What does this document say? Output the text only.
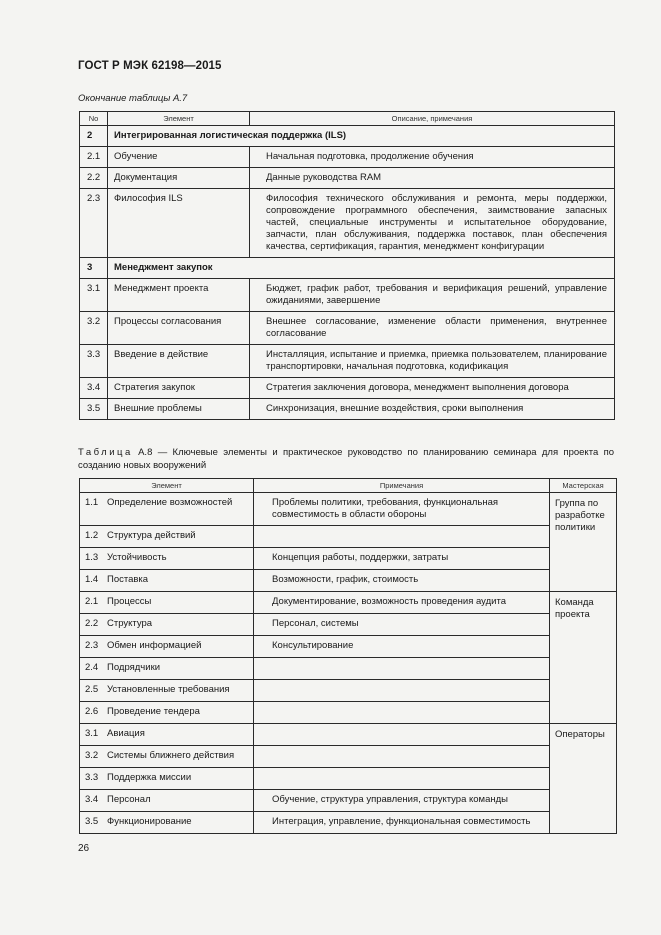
ГОСТ Р МЭК 62198—2015
Окончание таблицы А.7
No	Элемент	Описание, примечания
2	Интегрированная логистическая поддержка (ILS)	
2.1	Обучение	Начальная подготовка, продолжение обучения
2.2	Документация	Данные руководства RAM
2.3	Философия ILS	Философия технического обслуживания и ремонта, меры поддержки, сопровождение программного обеспечения, заимствование запасных частей, специальные инструменты и испытательное оборудование, запчасти, план обслуживания, поддержка поставок, план обеспечения качества, сертификация, гарантия, менеджмент конфигурации
3	Менеджмент закупок	
3.1	Менеджмент проекта	Бюджет, график работ, требования и верификация решений, управление ожиданиями, завершение
3.2	Процессы согласования	Внешнее согласование, изменение области применения, внутреннее согласование
3.3	Введение в действие	Инсталляция, испытание и приемка, приемка пользователем, планирование транспортировки, начальная подготовка, кодификация
3.4	Стратегия закупок	Стратегия заключения договора, менеджмент выполнения договора
3.5	Внешние проблемы	Синхронизация, внешние воздействия, сроки выполнения
Таблица А.8 — Ключевые элементы и практическое руководство по планированию семинара для проекта по созданию новых вооружений
Элемент	Примечания	Мастерская
1.1 Определение возможностей	Проблемы политики, требования, функциональная совместимость в области обороны	Группа по разработке политики
1.2 Структура действий		
1.3 Устойчивость	Концепция работы, поддержки, затраты	
1.4 Поставка	Возможности, график, стоимость	
2.1 Процессы	Документирование, возможность проведения аудита	Команда проекта
2.2 Структура	Персонал, системы	
2.3 Обмен информацией	Консультирование	
2.4 Подрядчики		
2.5 Установленные требования		
2.6 Проведение тендера		
3.1 Авиация		Операторы
3.2 Системы ближнего действия		
3.3 Поддержка миссии		
3.4 Персонал	Обучение, структура управления, структура команды	
3.5 Функционирование	Интеграция, управление, функциональная совместимость	
26
